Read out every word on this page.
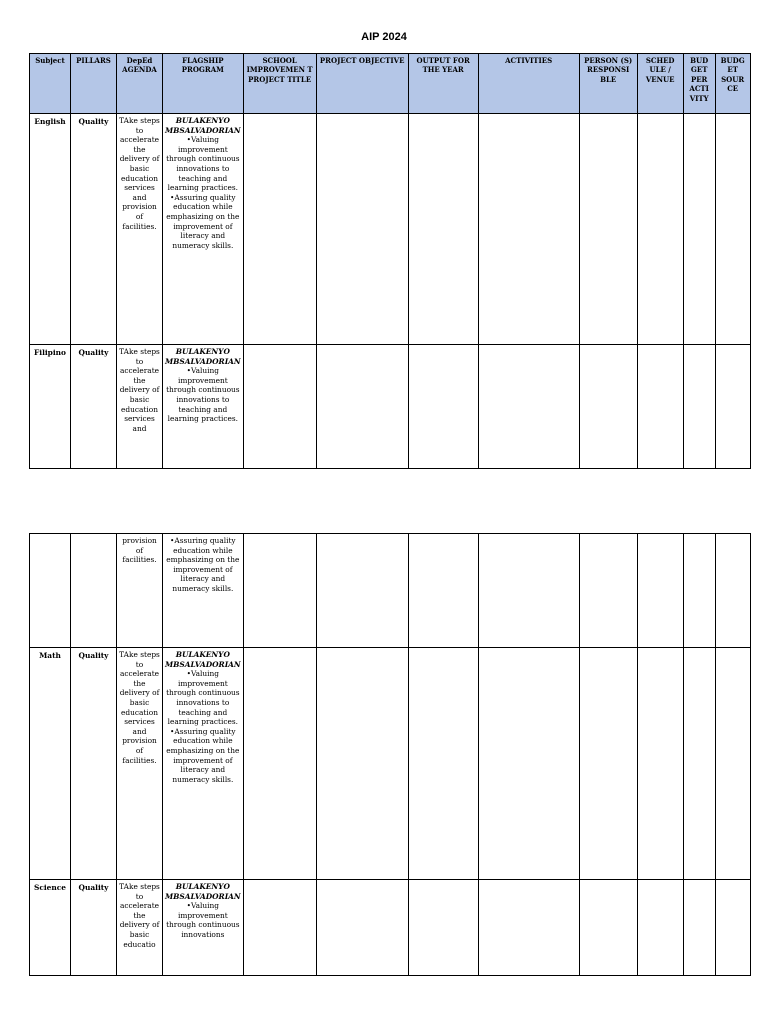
AIP 2024
Subject	PILLARS	DepEd AGENDA	FLAGSHIP PROGRAM	SCHOOL IMPROVEMEN T PROJECT TITLE	PROJECT OBJECTIVE	OUTPUT FOR THE YEAR	ACTIVITIES	PERSON (S) RESPONSI BLE	SCHED ULE / VENUE	BUD GET PER ACTI VITY	BUDG ET SOUR CE
English	Quality	TAke steps to accelerate the delivery of basic education services and provision of facilities.	BULAKENYO
MBSALVADORIAN
•Valuing improvement through continuous innovations to teaching and learning practices.
•Assuring quality education while emphasizing on the improvement of literacy and numeracy skills.								

Filipino	Quality	TAke steps to accelerate the delivery of basic education services and	BULAKENYO
MBSALVADORIAN
•Valuing improvement through continuous innovations to teaching and learning practices.								

		provision of facilities.	•Assuring quality education while emphasizing on the improvement of literacy and numeracy skills.								

Math	Quality	TAke steps to accelerate the delivery of basic education services and provision of facilities.	BULAKENYO
MBSALVADORIAN
•Valuing improvement through continuous innovations to teaching and learning practices.
•Assuring quality education while emphasizing on the improvement of literacy and numeracy skills.								

Science	Quality	TAke steps to accelerate the delivery of basic educatio	BULAKENYO
MBSALVADORIAN
•Valuing improvement through continuous innovations								
